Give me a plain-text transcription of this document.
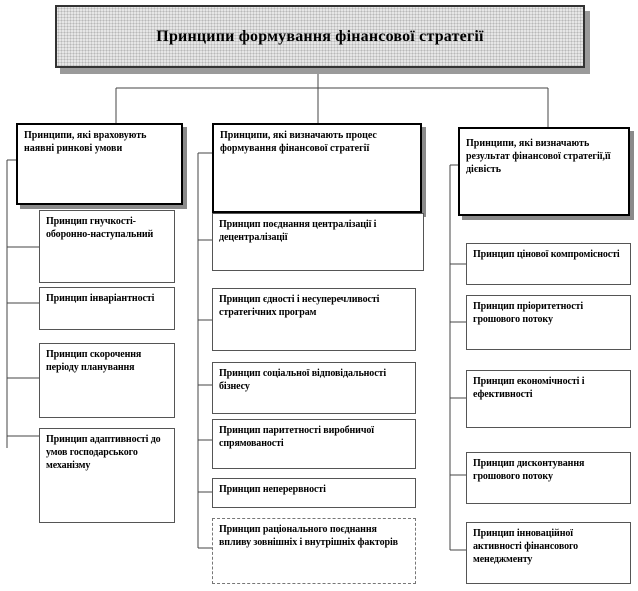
Принципи формування фінансової стратегії
Принципи, які враховують наявні ринкові умови
Принципи, які визначають процес формування фінансової стратегії	Принципи, які визначають результат фінансової стратегії,її дієвість
Принцип гнучкості-оборонно-наступальний
Принцип інваріантності
Принцип скорочення періоду планування
Принцип адаптивності до умов господарського механізму
Принцип поєднання централізації і децентралізації
Принцип єдності і несуперечливості стратегічних програм
Принцип соціальної відповідальності бізнесу
Принцип паритетності виробничої спрямованості
Принцип неперервності
Принцип раціонального поєднання впливу зовнішніх і внутрішніх факторів
Принцип цінової компромісності
Принцип пріоритетності грошового потоку
Принцип економічності і ефективності
Принцип дисконтування грошового потоку
Принцип інноваційної активності фінансового менеджменту
